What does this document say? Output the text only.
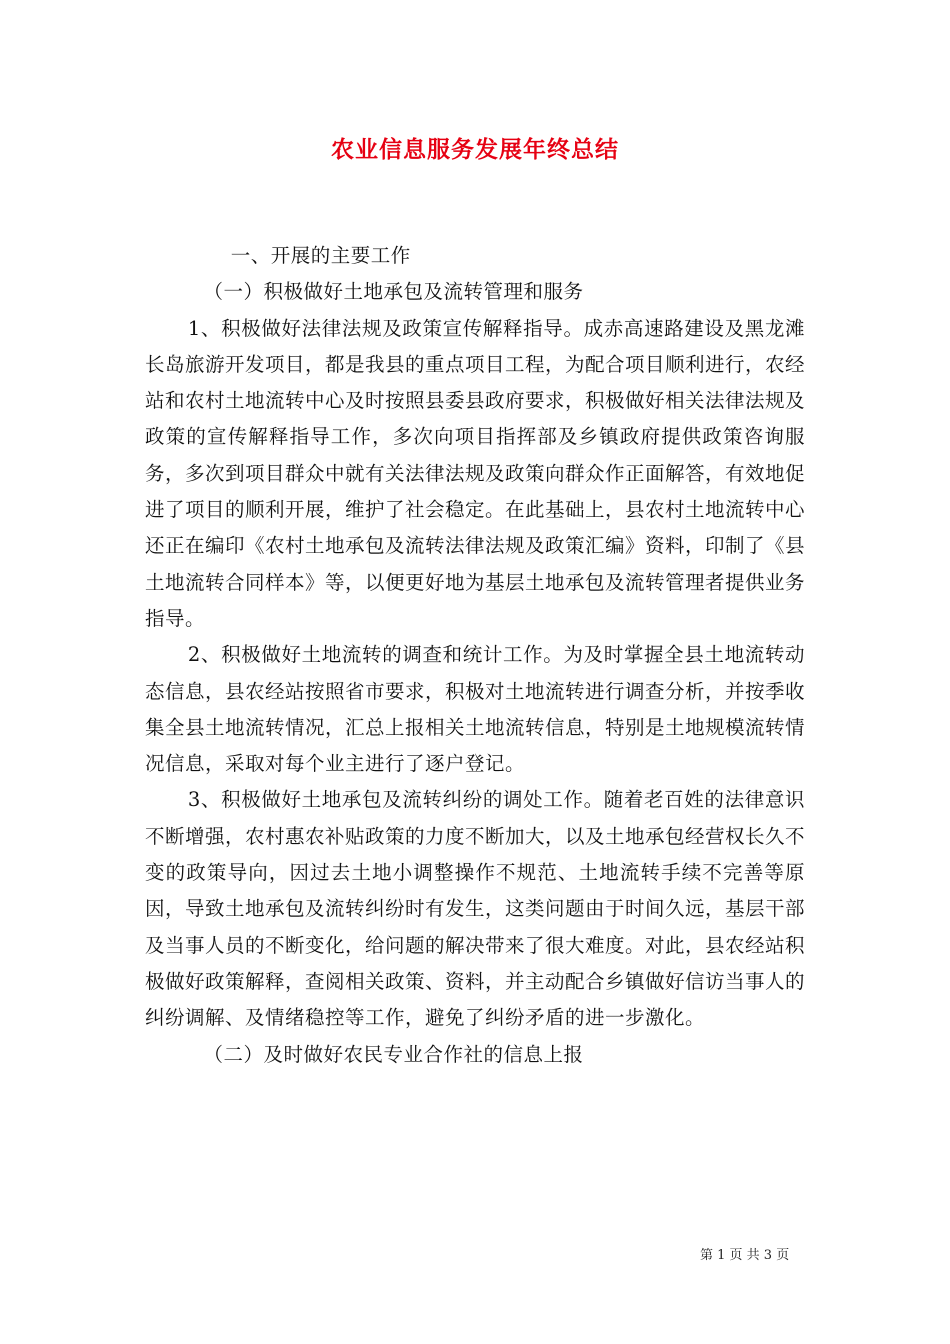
农业信息服务发展年终总结

一、开展的主要工作

（一）积极做好土地承包及流转管理和服务

1、积极做好法律法规及政策宣传解释指导。成赤高速路建设及黑龙滩长岛旅游开发项目，都是我县的重点项目工程，为配合项目顺利进行，农经站和农村土地流转中心及时按照县委县政府要求，积极做好相关法律法规及政策的宣传解释指导工作，多次向项目指挥部及乡镇政府提供政策咨询服务，多次到项目群众中就有关法律法规及政策向群众作正面解答，有效地促进了项目的顺利开展，维护了社会稳定。在此基础上，县农村土地流转中心还正在编印《农村土地承包及流转法律法规及政策汇编》资料，印制了《县土地流转合同样本》等，以便更好地为基层土地承包及流转管理者提供业务指导。

2、积极做好土地流转的调查和统计工作。为及时掌握全县土地流转动态信息，县农经站按照省市要求，积极对土地流转进行调查分析，并按季收集全县土地流转情况，汇总上报相关土地流转信息，特别是土地规模流转情况信息，采取对每个业主进行了逐户登记。

3、积极做好土地承包及流转纠纷的调处工作。随着老百姓的法律意识不断增强，农村惠农补贴政策的力度不断加大，以及土地承包经营权长久不变的政策导向，因过去土地小调整操作不规范、土地流转手续不完善等原因，导致土地承包及流转纠纷时有发生，这类问题由于时间久远，基层干部及当事人员的不断变化，给问题的解决带来了很大难度。对此，县农经站积极做好政策解释，查阅相关政策、资料，并主动配合乡镇做好信访当事人的纠纷调解、及情绪稳控等工作，避免了纠纷矛盾的进一步激化。

（二）及时做好农民专业合作社的信息上报

第 1 页 共 3 页
